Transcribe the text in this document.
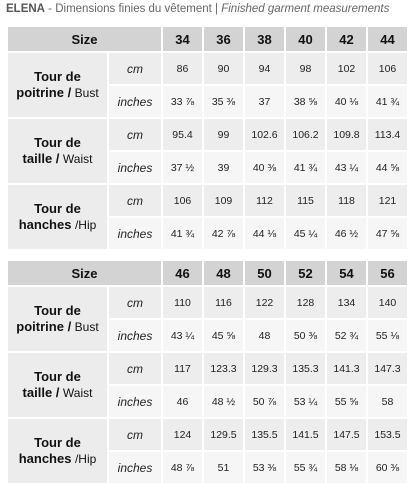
ELENA - Dimensions finies du vêtement | Finished garment measurements
Size		34	36	38	40	42	44
Tour de
poitrine / Bust	cm	86	90	94	98	102	106
	inches	33 ⅞	35 ⅜	37	38 ⅝	40 ⅛	41 ¾
Tour de
taille / Waist	cm	95.4	99	102.6	106.2	109.8	113.4
	inches	37 ½	39	40 ⅜	41 ¾	43 ¼	44 ⅝
Tour de
hanches /Hip	cm	106	109	112	115	118	121
	inches	41 ¾	42 ⅞	44 ⅛	45 ¼	46 ½	47 ⅝
Size		46	48	50	52	54	56
Tour de
poitrine / Bust	cm	110	116	122	128	134	140
	inches	43 ¼	45 ⅝	48	50 ⅜	52 ¾	55 ⅛
Tour de
taille / Waist	cm	117	123.3	129.3	135.3	141.3	147.3
	inches	46	48 ½	50 ⅞	53 ¼	55 ⅝	58
Tour de
hanches /Hip	cm	124	129.5	135.5	141.5	147.5	153.5
	inches	48 ⅞	51	53 ⅜	55 ¾	58 ⅛	60 ⅜
